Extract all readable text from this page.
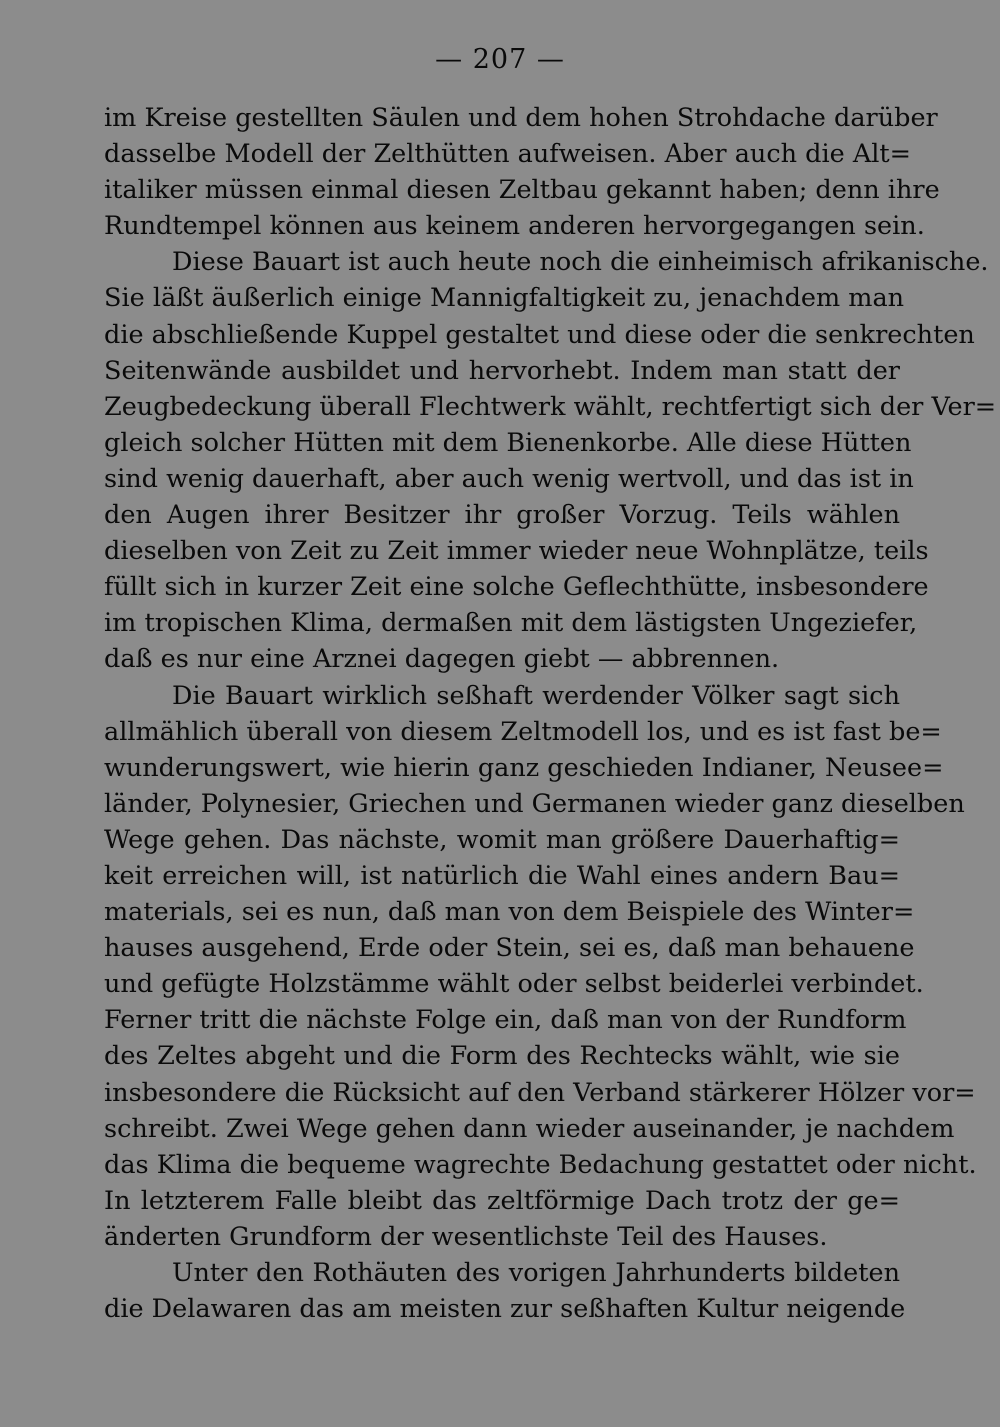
— 207 —
im Kreise gestellten Säulen und dem hohen Strohdache darüber
dasselbe Modell der Zelthütten aufweisen. Aber auch die Alt=
italiker müssen einmal diesen Zeltbau gekannt haben; denn ihre
Rundtempel können aus keinem anderen hervorgegangen sein.
Diese Bauart ist auch heute noch die einheimisch afrikanische.
Sie läßt äußerlich einige Mannigfaltigkeit zu, jenachdem man
die abschließende Kuppel gestaltet und diese oder die senkrechten
Seitenwände ausbildet und hervorhebt. Indem man statt der
Zeugbedeckung überall Flechtwerk wählt, rechtfertigt sich der Ver=
gleich solcher Hütten mit dem Bienenkorbe. Alle diese Hütten
sind wenig dauerhaft, aber auch wenig wertvoll, und das ist in
den Augen ihrer Besitzer ihr großer Vorzug. Teils wählen
dieselben von Zeit zu Zeit immer wieder neue Wohnplätze, teils
füllt sich in kurzer Zeit eine solche Geflechthütte, insbesondere
im tropischen Klima, dermaßen mit dem lästigsten Ungeziefer,
daß es nur eine Arznei dagegen giebt — abbrennen.
Die Bauart wirklich seßhaft werdender Völker sagt sich
allmählich überall von diesem Zeltmodell los, und es ist fast be=
wunderungswert, wie hierin ganz geschieden Indianer, Neusee=
länder, Polynesier, Griechen und Germanen wieder ganz dieselben
Wege gehen. Das nächste, womit man größere Dauerhaftig=
keit erreichen will, ist natürlich die Wahl eines andern Bau=
materials, sei es nun, daß man von dem Beispiele des Winter=
hauses ausgehend, Erde oder Stein, sei es, daß man behauene
und gefügte Holzstämme wählt oder selbst beiderlei verbindet.
Ferner tritt die nächste Folge ein, daß man von der Rundform
des Zeltes abgeht und die Form des Rechtecks wählt, wie sie
insbesondere die Rücksicht auf den Verband stärkerer Hölzer vor=
schreibt. Zwei Wege gehen dann wieder auseinander, je nachdem
das Klima die bequeme wagrechte Bedachung gestattet oder nicht.
In letzterem Falle bleibt das zeltförmige Dach trotz der ge=
änderten Grundform der wesentlichste Teil des Hauses.
Unter den Rothäuten des vorigen Jahrhunderts bildeten
die Delawaren das am meisten zur seßhaften Kultur neigende
